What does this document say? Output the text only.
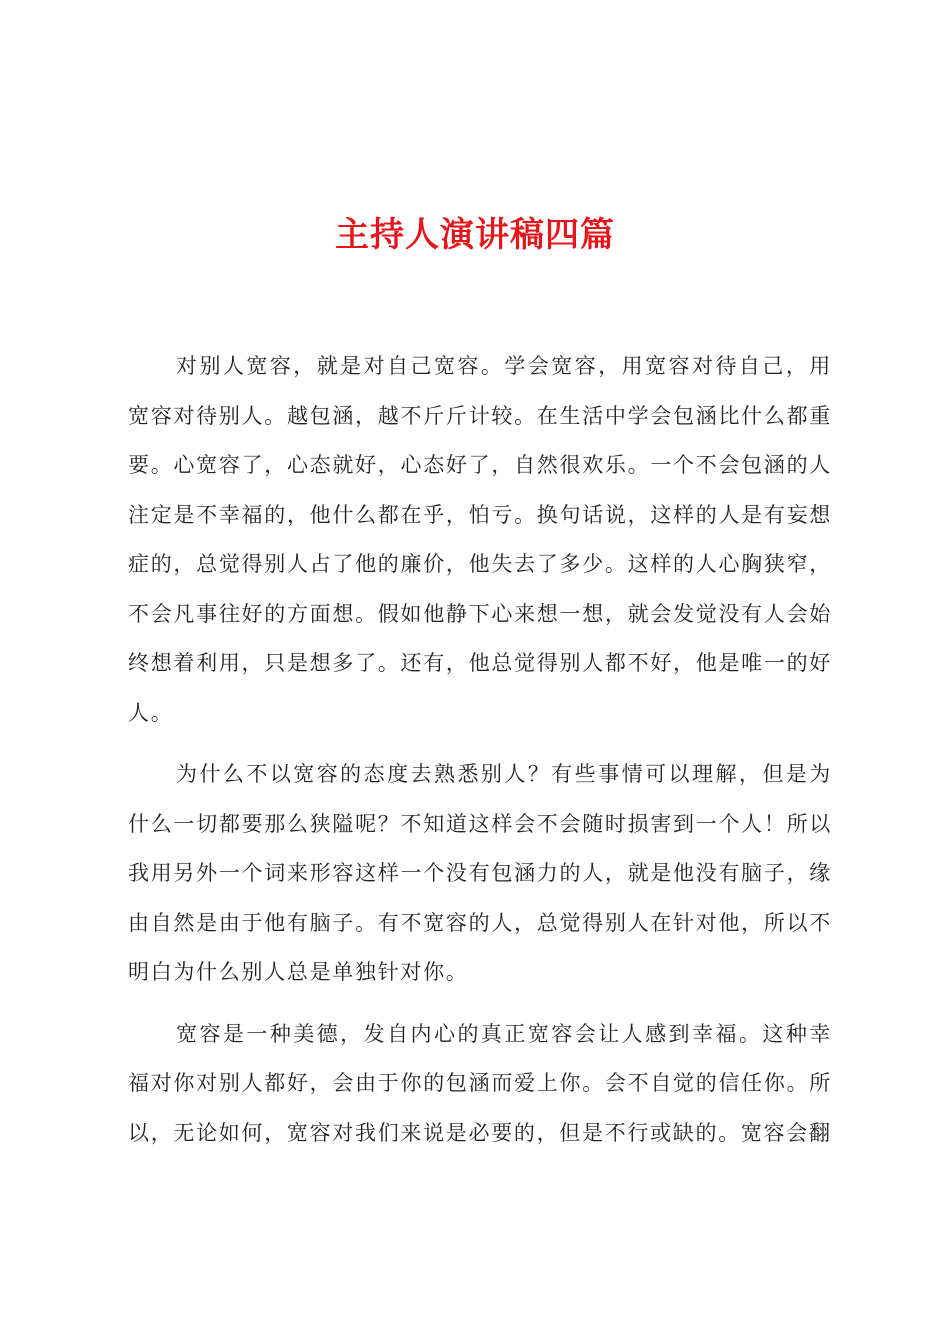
主持人演讲稿四篇

对别人宽容，就是对自己宽容。学会宽容，用宽容对待自己，用宽容对待别人。越包涵，越不斤斤计较。在生活中学会包涵比什么都重要。心宽容了，心态就好，心态好了，自然很欢乐。一个不会包涵的人注定是不幸福的，他什么都在乎，怕亏。换句话说，这样的人是有妄想症的，总觉得别人占了他的廉价，他失去了多少。这样的人心胸狭窄，不会凡事往好的方面想。假如他静下心来想一想，就会发觉没有人会始终想着利用，只是想多了。还有，他总觉得别人都不好，他是唯一的好人。

为什么不以宽容的态度去熟悉别人？有些事情可以理解，但是为什么一切都要那么狭隘呢？不知道这样会不会随时损害到一个人！所以我用另外一个词来形容这样一个没有包涵力的人，就是他没有脑子，缘由自然是由于他有脑子。有不宽容的人，总觉得别人在针对他，所以不明白为什么别人总是单独针对你。

宽容是一种美德，发自内心的真正宽容会让人感到幸福。这种幸福对你对别人都好，会由于你的包涵而爱上你。会不自觉的信任你。所以，无论如何，宽容对我们来说是必要的，但是不行或缺的。宽容会翻
